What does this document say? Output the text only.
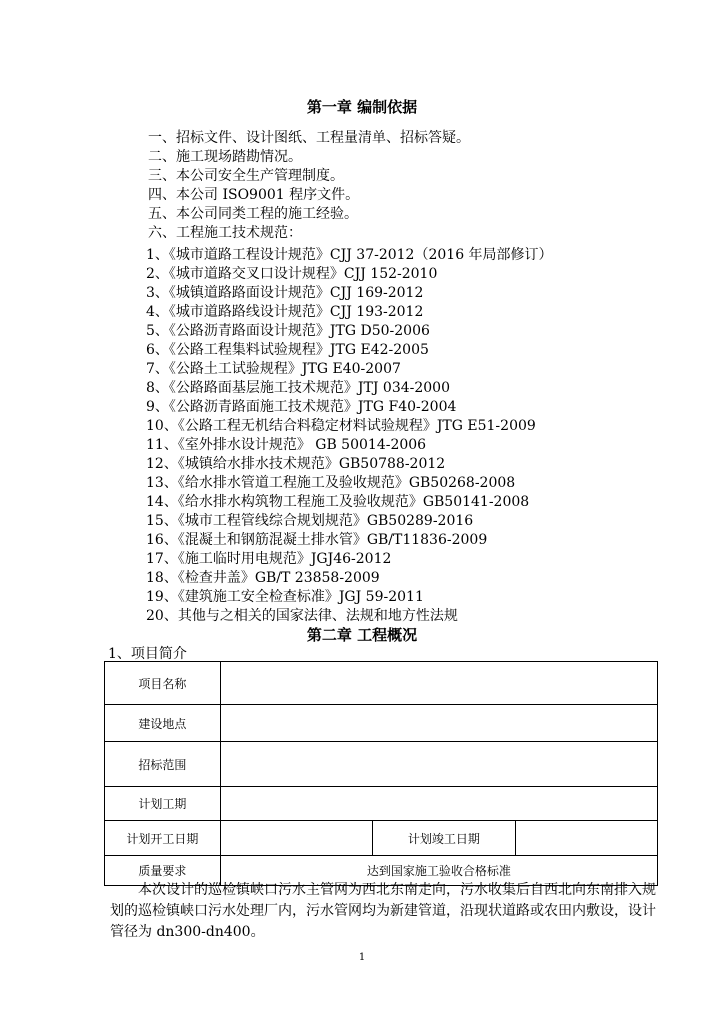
第一章 编制依据
一、招标文件、设计图纸、工程量清单、招标答疑。
二、施工现场踏勘情况。
三、本公司安全生产管理制度。
四、本公司 ISO9001 程序文件。
五、本公司同类工程的施工经验。
六、工程施工技术规范：
1、《城市道路工程设计规范》CJJ 37-2012（2016 年局部修订）
2、《城市道路交叉口设计规程》CJJ 152-2010
3、《城镇道路路面设计规范》CJJ 169-2012
4、《城市道路路线设计规范》CJJ 193-2012
5、《公路沥青路面设计规范》JTG D50-2006
6、《公路工程集料试验规程》JTG E42-2005
7、《公路土工试验规程》JTG E40-2007
8、《公路路面基层施工技术规范》JTJ 034-2000
9、《公路沥青路面施工技术规范》JTG F40-2004
10、《公路工程无机结合料稳定材料试验规程》JTG E51-2009
11、《室外排水设计规范》 GB 50014-2006
12、《城镇给水排水技术规范》GB50788-2012
13、《给水排水管道工程施工及验收规范》GB50268-2008
14、《给水排水构筑物工程施工及验收规范》GB50141-2008
15、《城市工程管线综合规划规范》GB50289-2016
16、《混凝土和钢筋混凝土排水管》GB/T11836-2009
17、《施工临时用电规范》JGJ46-2012
18、《检查井盖》GB/T 23858-2009
19、《建筑施工安全检查标准》JGJ 59-2011
20、其他与之相关的国家法律、法规和地方性法规
第二章 工程概况
1、项目简介
项目名称			
建设地点			
招标范围			
计划工期			
计划开工日期		计划竣工日期	
质量要求	达到国家施工验收合格标准		
本次设计的巡检镇峡口污水主管网为西北东南走向，污水收集后自西北向东南排入规划的巡检镇峡口污水处理厂内，污水管网均为新建管道，沿现状道路或农田内敷设，设计管径为 dn300-dn400。
1
